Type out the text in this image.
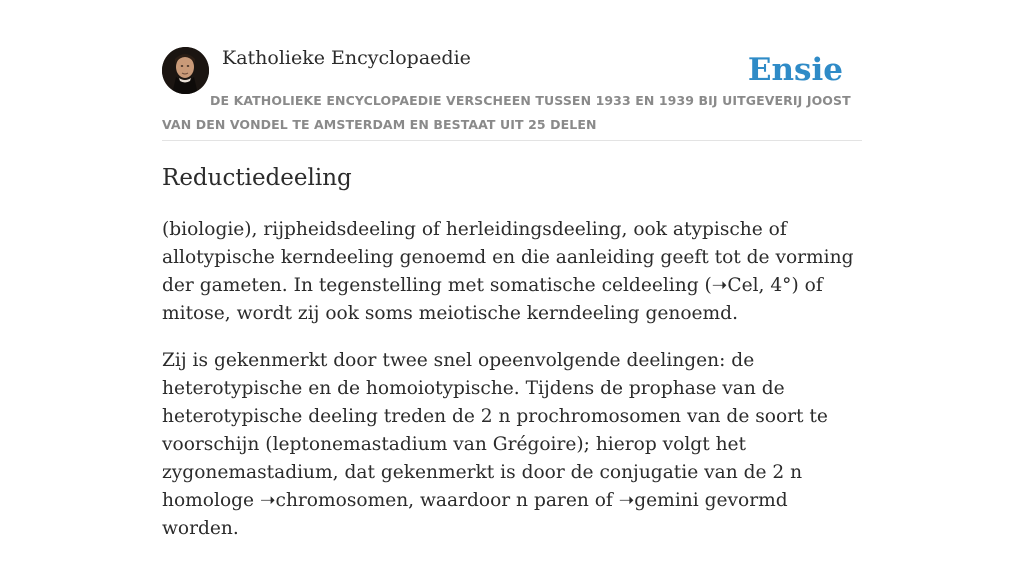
Katholieke Encyclopaedie	Ensie
DE KATHOLIEKE ENCYCLOPAEDIE VERSCHEEN TUSSEN 1933 EN 1939 BIJ UITGEVERIJ JOOST VAN DEN VONDEL TE AMSTERDAM EN BESTAAT UIT 25 DELEN
Reductiedeeling

(biologie), rijpheidsdeeling of herleidingsdeeling, ook atypische of allotypische kerndeeling genoemd en die aanleiding geeft tot de vorming der gameten. In tegenstelling met somatische celdeeling (➝Cel, 4°) of mitose, wordt zij ook soms meiotische kerndeeling genoemd.

Zij is gekenmerkt door twee snel opeenvolgende deelingen: de heterotypische en de homoiotypische. Tijdens de prophase van de heterotypische deeling treden de 2 n prochromosomen van de soort te voorschijn (leptonemastadium van Grégoire); hierop volgt het zygonemastadium, dat gekenmerkt is door de conjugatie van de 2 n homologe ➝chromosomen, waardoor n paren of ➝gemini gevormd worden.
